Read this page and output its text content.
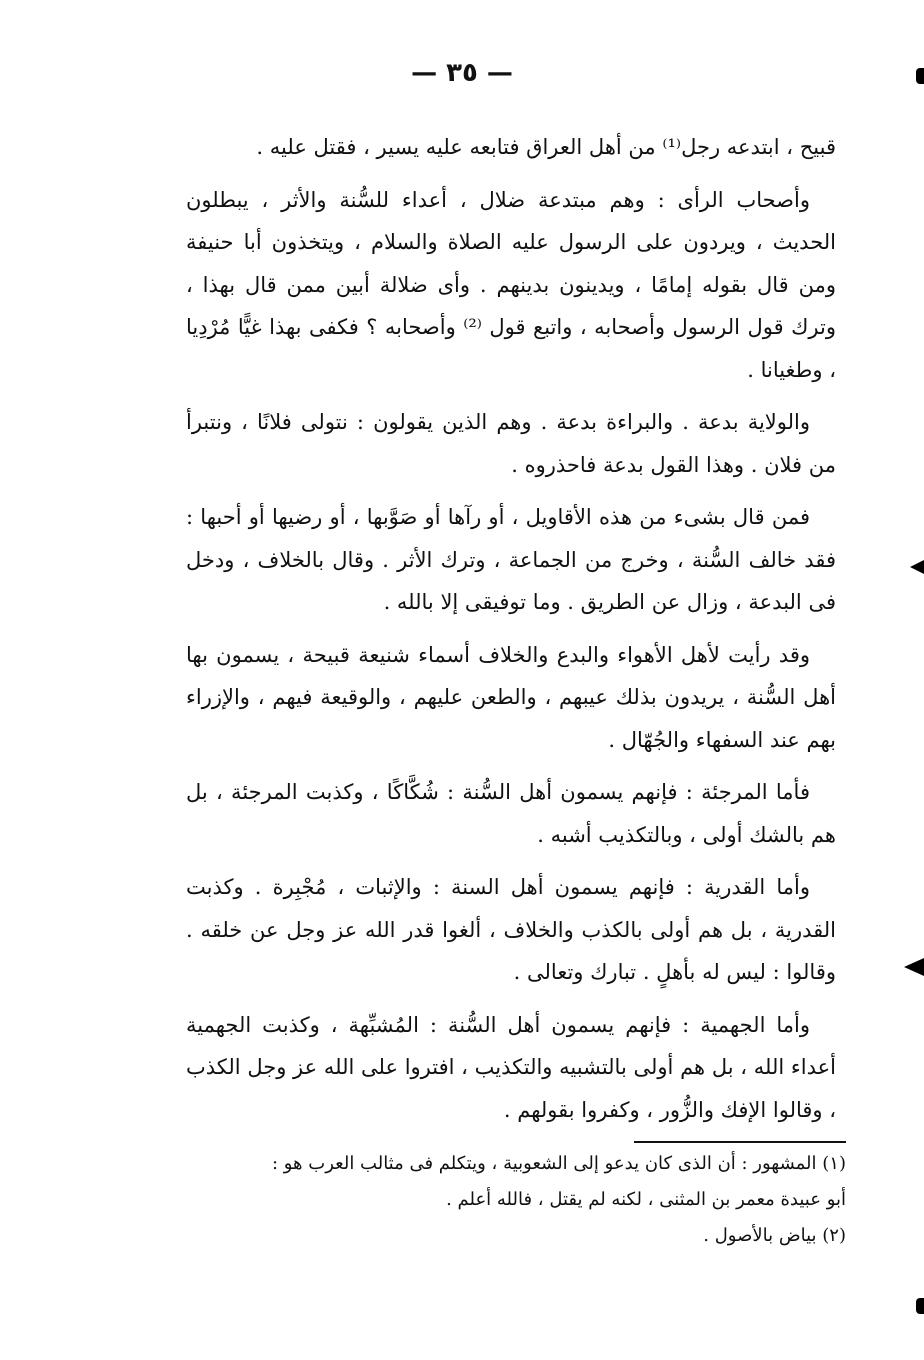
— ٣٥ —

قبيح ، ابتدعه رجل⁽¹⁾ من أهل العراق فتابعه عليه يسير ، فقتل عليه .

وأصحاب الرأى : وهم مبتدعة ضلال ، أعداء للسُّنة والأثر ، يبطلون الحديث ، ويردون على الرسول عليه الصلاة والسلام ، ويتخذون أبا حنيفة ومن قال بقوله إمامًا ، ويدينون بدينهم . وأى ضلالة أبين ممن قال بهذا ، وترك قول الرسول وأصحابه ، واتبع قول ⁽²⁾ وأصحابه ؟ فكفى بهذا غيًّا مُرْدِيا ، وطغيانا .

والولاية بدعة . والبراءة بدعة . وهم الذين يقولون : نتولى فلانًا ، ونتبرأ من فلان . وهذا القول بدعة فاحذروه .

فمن قال بشىء من هذه الأقاويل ، أو رآها أو صَوَّبها ، أو رضيها أو أحبها : فقد خالف السُّنة ، وخرج من الجماعة ، وترك الأثر . وقال بالخلاف ، ودخل فى البدعة ، وزال عن الطريق . وما توفيقى إلا بالله .

وقد رأيت لأهل الأهواء والبدع والخلاف أسماء شنيعة قبيحة ، يسمون بها أهل السُّنة ، يريدون بذلك عيبهم ، والطعن عليهم ، والوقيعة فيهم ، والإزراء بهم عند السفهاء والجُهّال .

فأما المرجئة : فإنهم يسمون أهل السُّنة : شُكَّاكًا ، وكذبت المرجئة ، بل هم بالشك أولى ، وبالتكذيب أشبه .

وأما القدرية : فإنهم يسمون أهل السنة : والإثبات ، مُجْبِرة . وكذبت القدرية ، بل هم أولى بالكذب والخلاف ، ألغوا قدر الله عز وجل عن خلقه . وقالوا : ليس له بأهلٍ . تبارك وتعالى .

وأما الجهمية : فإنهم يسمون أهل السُّنة : المُشبِّهة ، وكذبت الجهمية أعداء الله ، بل هم أولى بالتشبيه والتكذيب ، افتروا على الله عز وجل الكذب ، وقالوا الإفك والزُّور ، وكفروا بقولهم .

(١) المشهور : أن الذى كان يدعو إلى الشعوبية ، ويتكلم فى مثالب العرب هو :
أبو عبيدة معمر بن المثنى ، لكنه لم يقتل ، فالله أعلم .
(٢) بياض بالأصول .
